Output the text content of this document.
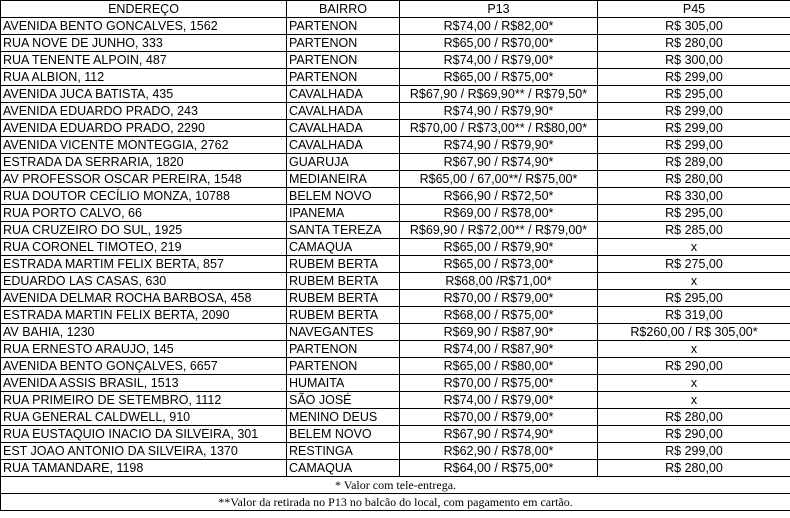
ENDEREÇO	BAIRRO	P13	P45
AVENIDA BENTO GONCALVES, 1562	PARTENON	R$74,00 / R$82,00*	R$ 305,00
RUA NOVE DE JUNHO, 333	PARTENON	R$65,00 / R$70,00*	R$ 280,00
RUA TENENTE ALPOIN, 487	PARTENON	R$74,00 / R$79,00*	R$ 300,00
RUA ALBION, 112	PARTENON	R$65,00 / R$75,00*	R$ 299,00
AVENIDA JUCA BATISTA, 435	CAVALHADA	R$67,90 / R$69,90** / R$79,50*	R$ 295,00
AVENIDA EDUARDO PRADO, 243	CAVALHADA	R$74,90 / R$79,90*	R$ 299,00
AVENIDA EDUARDO PRADO, 2290	CAVALHADA	R$70,00 / R$73,00** / R$80,00*	R$ 299,00
AVENIDA VICENTE MONTEGGIA, 2762	CAVALHADA	R$74,90 / R$79,90*	R$ 299,00
ESTRADA DA SERRARIA, 1820	GUARUJA	R$67,90 / R$74,90*	R$ 289,00
AV PROFESSOR OSCAR PEREIRA, 1548	MEDIANEIRA	R$65,00 / 67,00**/ R$75,00*	R$ 280,00
RUA DOUTOR CECÍLIO MONZA, 10788	BELEM NOVO	R$66,90 / R$72,50*	R$ 330,00
RUA PORTO CALVO, 66	IPANEMA	R$69,00 / R$78,00*	R$ 295,00
RUA CRUZEIRO DO SUL, 1925	SANTA TEREZA	R$69,90 / R$72,00** / R$79,00*	R$ 285,00
RUA CORONEL TIMOTEO, 219	CAMAQUA	R$65,00 / R$79,90*	x
ESTRADA MARTIM FELIX BERTA, 857	RUBEM BERTA	R$65,00 / R$73,00*	R$ 275,00
EDUARDO LAS CASAS, 630	RUBEM BERTA	R$68,00 /R$71,00*	x
AVENIDA DELMAR ROCHA BARBOSA, 458	RUBEM BERTA	R$70,00 / R$79,00*	R$ 295,00
ESTRADA MARTIN FELIX BERTA, 2090	RUBEM BERTA	R$68,00 / R$75,00*	R$ 319,00
AV BAHIA, 1230	NAVEGANTES	R$69,90 / R$87,90*	R$260,00 / R$ 305,00*
RUA ERNESTO ARAUJO, 145	PARTENON	R$74,00 / R$87,90*	x
AVENIDA BENTO GONÇALVES, 6657	PARTENON	R$65,00 / R$80,00*	R$ 290,00
AVENIDA ASSIS BRASIL, 1513	HUMAITA	R$70,00 / R$75,00*	x
RUA PRIMEIRO DE SETEMBRO, 1112	SÃO JOSÉ	R$74,00 / R$79,00*	x
RUA GENERAL CALDWELL, 910	MENINO DEUS	R$70,00 / R$79,00*	R$ 280,00
RUA EUSTAQUIO INACIO DA SILVEIRA, 301	BELEM NOVO	R$67,90 / R$74,90*	R$ 290,00
EST JOAO ANTONIO DA SILVEIRA, 1370	RESTINGA	R$62,90 / R$78,00*	R$ 299,00
RUA TAMANDARE, 1198	CAMAQUA	R$64,00 / R$75,00*	R$ 280,00
* Valor com tele-entrega.			
**Valor da retirada no P13 no balcão do local, com pagamento em cartão.			
